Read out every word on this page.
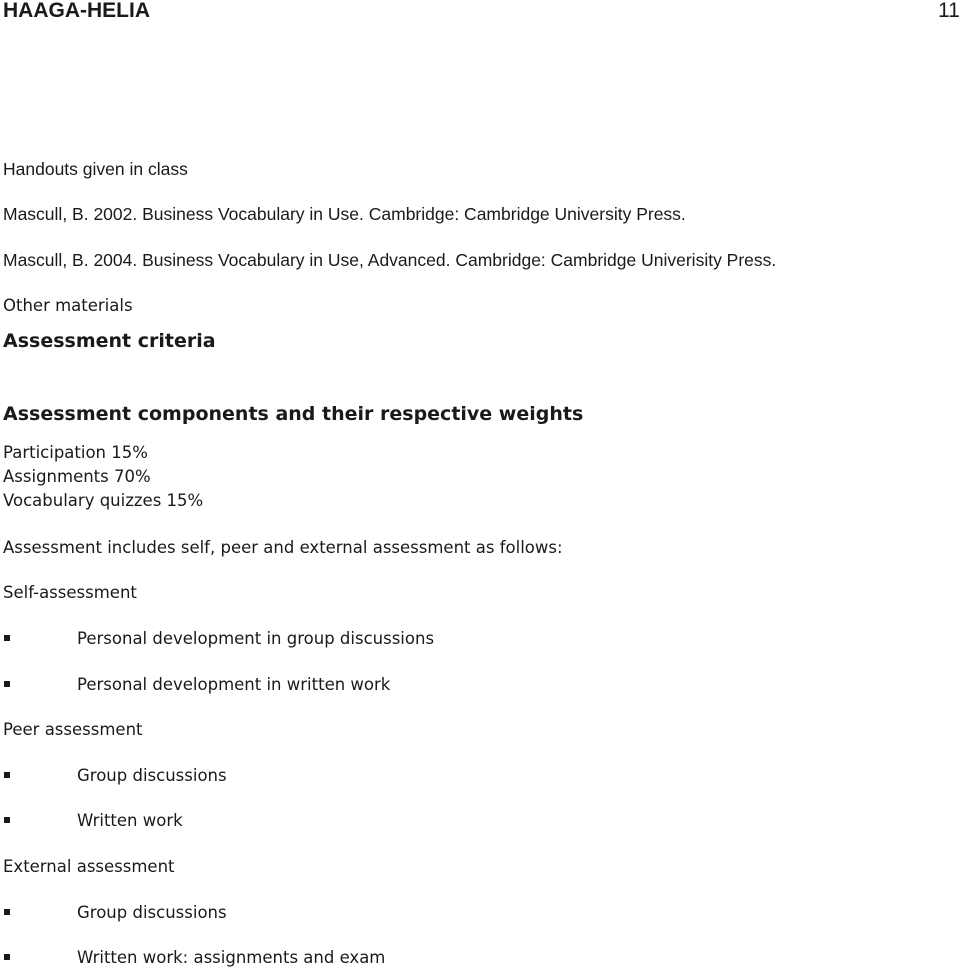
HAAGA-HELIA	11
Handouts given in class
Mascull, B. 2002. Business Vocabulary in Use. Cambridge: Cambridge University Press.
Mascull, B. 2004. Business Vocabulary in Use, Advanced. Cambridge: Cambridge Univerisity Press.
Other materials
Assessment criteria
Assessment components and their respective weights
Participation 15%
Assignments 70%
Vocabulary quizzes 15%
Assessment includes self, peer and external assessment as follows:
Self-assessment
Personal development in group discussions
Personal development in written work
Peer assessment
Group discussions
Written work
External assessment
Group discussions
Written work: assignments and exam
